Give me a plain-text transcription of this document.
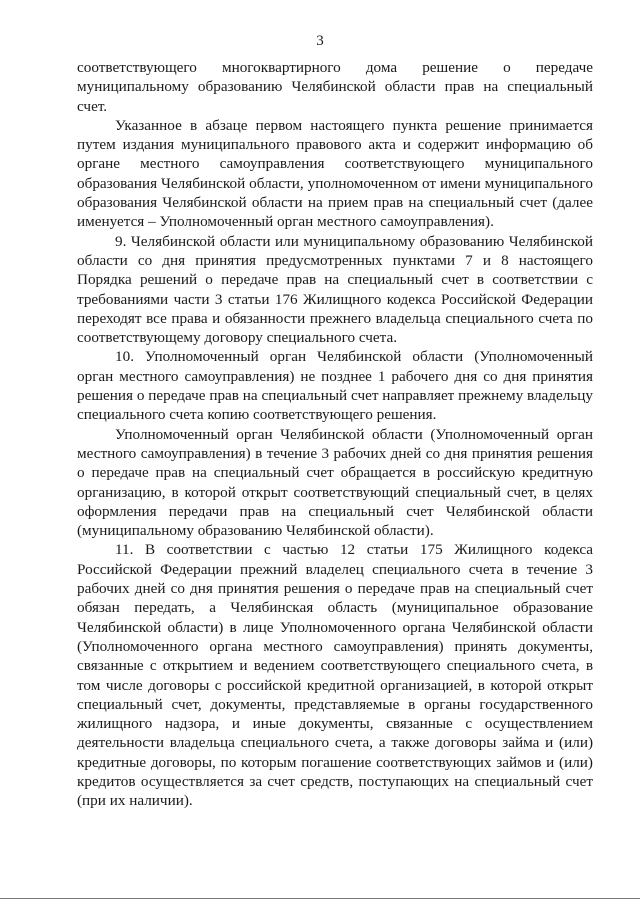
3

соответствующего многоквартирного дома решение о передаче муниципальному образованию Челябинской области прав на специальный счет.

Указанное в абзаце первом настоящего пункта решение принимается путем издания муниципального правового акта и содержит информацию об органе местного самоуправления соответствующего муниципального образования Челябинской области, уполномоченном от имени муниципального образования Челябинской области на прием прав на специальный счет (далее именуется – Уполномоченный орган местного самоуправления).

9. Челябинской области или муниципальному образованию Челябинской области со дня принятия предусмотренных пунктами 7 и 8 настоящего Порядка решений о передаче прав на специальный счет в соответствии с требованиями части 3 статьи 176 Жилищного кодекса Российской Федерации переходят все права и обязанности прежнего владельца специального счета по соответствующему договору специального счета.

10. Уполномоченный орган Челябинской области (Уполномоченный орган местного самоуправления) не позднее 1 рабочего дня со дня принятия решения о передаче прав на специальный счет направляет прежнему владельцу специального счета копию соответствующего решения.

Уполномоченный орган Челябинской области (Уполномоченный орган местного самоуправления) в течение 3 рабочих дней со дня принятия решения о передаче прав на специальный счет обращается в российскую кредитную организацию, в которой открыт соответствующий специальный счет, в целях оформления передачи прав на специальный счет Челябинской области (муниципальному образованию Челябинской области).

11. В соответствии с частью 12 статьи 175 Жилищного кодекса Российской Федерации прежний владелец специального счета в течение 3 рабочих дней со дня принятия решения о передаче прав на специальный счет обязан передать, а Челябинская область (муниципальное образование Челябинской области) в лице Уполномоченного органа Челябинской области (Уполномоченного органа местного самоуправления) принять документы, связанные с открытием и ведением соответствующего специального счета, в том числе договоры с российской кредитной организацией, в которой открыт специальный счет, документы, представляемые в органы государственного жилищного надзора, и иные документы, связанные с осуществлением деятельности владельца специального счета, а также договоры займа и (или) кредитные договоры, по которым погашение соответствующих займов и (или) кредитов осуществляется за счет средств, поступающих на специальный счет (при их наличии).
